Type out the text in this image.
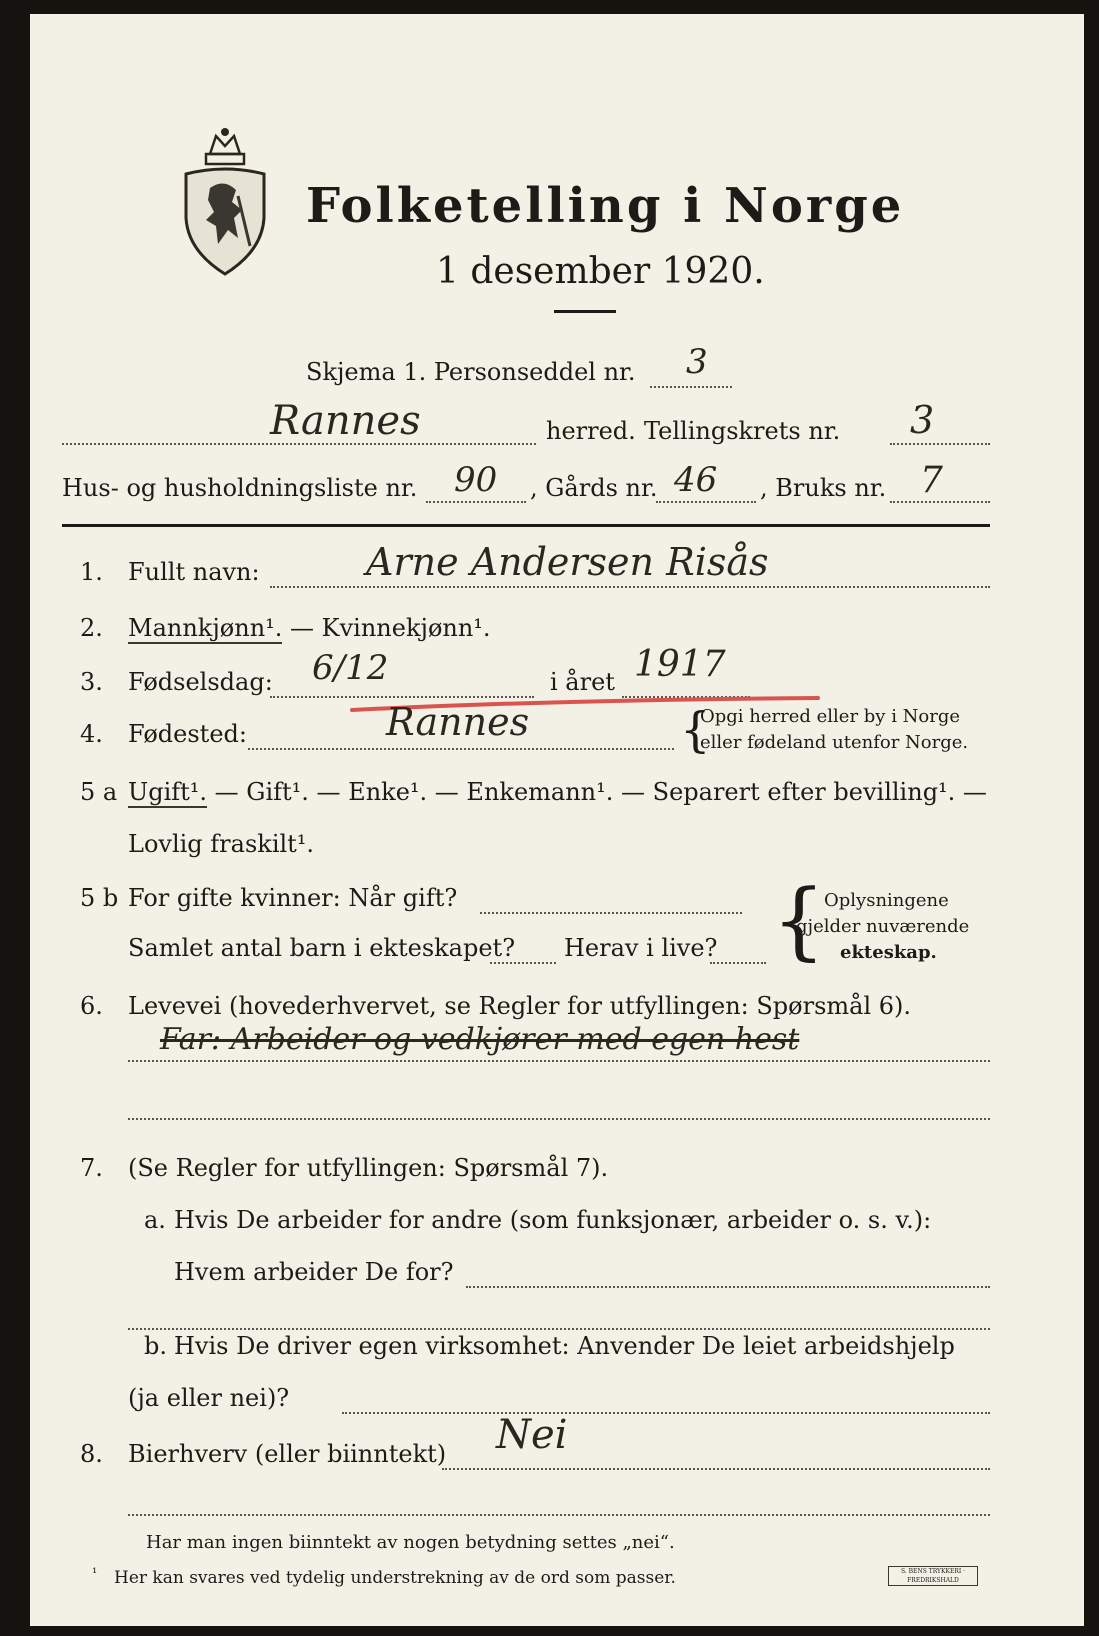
Folketelling i Norge
1 desember 1920.
Skjema 1. Personseddel nr. 3
Rannes	herred. Tellingskrets nr. 3
Hus- og husholdningsliste nr. 90 , Gårds nr. 46 , Bruks nr. 7
1. Fullt navn:	Arne Andersen Risås
2. Mannkjønn¹. — Kvinnekjønn¹.
3. Fødselsdag: 6/12	i året 1917
4. Fødested:	Rannes	{
Opgi herred eller by i Norge
eller fødeland utenfor Norge.
5 a Ugift¹. — Gift¹. — Enke¹. — Enkemann¹. — Separert efter bevilling¹. —
Lovlig fraskilt¹.
5 b For gifte kvinner: Når gift?
Samlet antal barn i ekteskapet? Herav i live? {
Oplysningene
gjelder nuværende
ekteskap.
6. Levevei (hovederhvervet, se Regler for utfyllingen: Spørsmål 6).
Far: Arbeider og vedkjører med egen hest
7. (Se Regler for utfyllingen: Spørsmål 7).
a. Hvis De arbeider for andre (som funksjonær, arbeider o. s. v.):
Hvem arbeider De for?
b. Hvis De driver egen virksomhet: Anvender De leiet arbeidshjelp
(ja eller nei)?
8. Bierhverv (eller biinntekt) Nei
Har man ingen biinntekt av nogen betydning settes „nei“.
¹ Her kan svares ved tydelig understrekning av de ord som passer.	S. BENS TRYKKERI · FREDRIKSHALD
